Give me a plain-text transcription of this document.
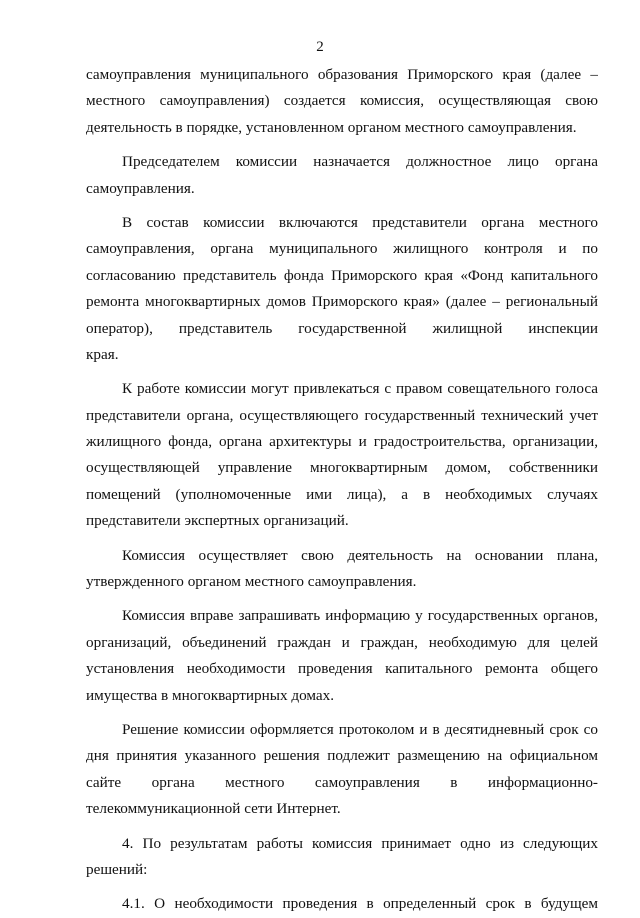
2
самоуправления муниципального образования Приморского края (далее –
местного самоуправления) создается комиссия, осуществляющая свою
деятельность в порядке, установленном органом местного самоуправления.
Председателем комиссии назначается должностное лицо органа
самоуправления.
В состав комиссии включаются представители органа местного
самоуправления, органа муниципального жилищного контроля и по
согласованию представитель фонда Приморского края «Фонд капитального
ремонта многоквартирных домов Приморского края» (далее – региональный
оператор), представитель государственной жилищной инспекции
края.
К работе комиссии могут привлекаться с правом совещательного голоса
представители органа, осуществляющего государственный технический учет
жилищного фонда, органа архитектуры и градостроительства, организации,
осуществляющей управление многоквартирным домом, собственники
помещений (уполномоченные ими лица), а в необходимых случаях
представители экспертных организаций.
Комиссия осуществляет свою деятельность на основании плана,
утвержденного органом местного самоуправления.
Комиссия вправе запрашивать информацию у государственных органов,
организаций, объединений граждан и граждан, необходимую для целей
установления необходимости проведения капитального ремонта общего
имущества в многоквартирных домах.
Решение комиссии оформляется протоколом и в десятидневный срок со
дня принятия указанного решения подлежит размещению на официальном
сайте органа местного самоуправления в информационно-
телекоммуникационной сети Интернет.
4. По результатам работы комиссия принимает одно из следующих
решений:
4.1. О необходимости проведения в определенный срок в будущем
